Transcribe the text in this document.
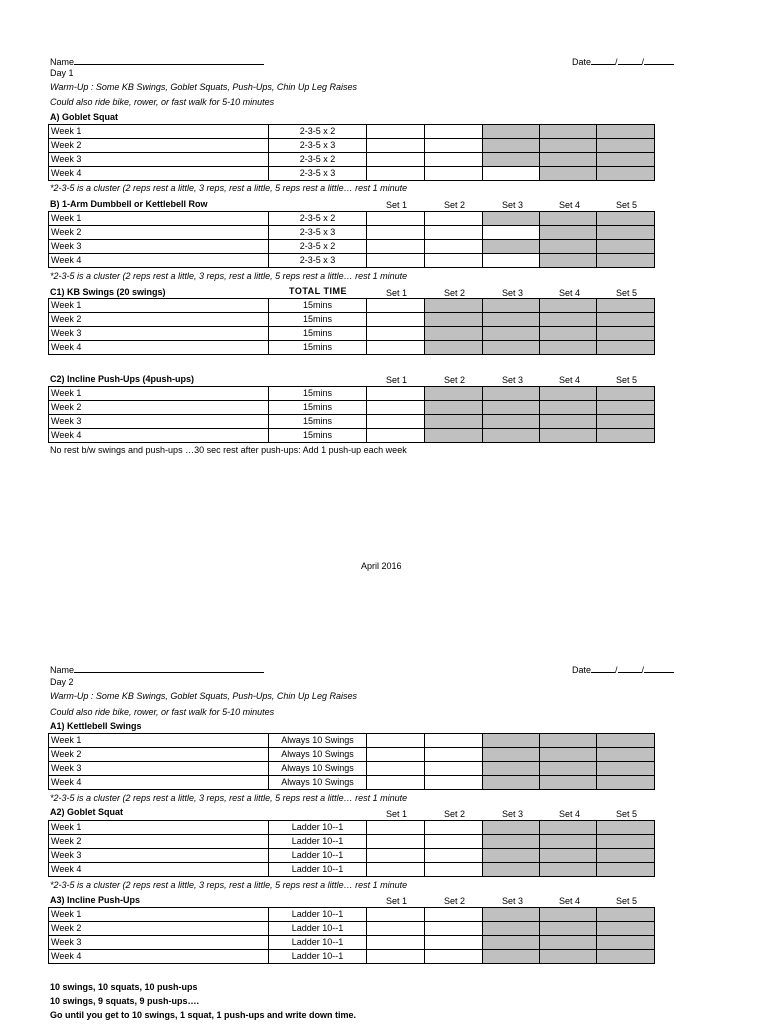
Name	Date	/	/
Day 1
Warm-Up : Some KB Swings, Goblet Squats, Push-Ups, Chin Up Leg Raises
Could also ride bike, rower, or fast walk for 5-10 minutes
A) Goblet Squat
Week 1	2-3-5 x 2					
Week 2	2-3-5 x 3					
Week 3	2-3-5 x 2					
Week 4	2-3-5 x 3					
*2-3-5 is a cluster (2 reps rest a little, 3 reps, rest a little, 5 reps rest a little… rest 1 minute
B) 1-Arm Dumbbell or Kettlebell Row	Set 1	Set 2	Set 3	Set 4	Set 5
Week 1	2-3-5 x 2					
Week 2	2-3-5 x 3					
Week 3	2-3-5 x 2					
Week 4	2-3-5 x 3					
*2-3-5 is a cluster (2 reps rest a little, 3 reps, rest a little, 5 reps rest a little… rest 1 minute
C1) KB Swings (20 swings)	TOTAL TIME	Set 1	Set 2	Set 3	Set 4	Set 5
Week 1	15mins					
Week 2	15mins					
Week 3	15mins					
Week 4	15mins					
C2) Incline Push-Ups (4push-ups)	Set 1	Set 2	Set 3	Set 4	Set 5
Week 1	15mins					
Week 2	15mins					
Week 3	15mins					
Week 4	15mins					
No rest b/w swings and push-ups …30 sec rest after push-ups: Add 1 push-up each week
April 2016
Name	Date	/	/
Day 2
Warm-Up : Some KB Swings, Goblet Squats, Push-Ups, Chin Up Leg Raises
Could also ride bike, rower, or fast walk for 5-10 minutes
A1) Kettlebell Swings
Week 1	Always 10 Swings					
Week 2	Always 10 Swings					
Week 3	Always 10 Swings					
Week 4	Always 10 Swings					
*2-3-5 is a cluster (2 reps rest a little, 3 reps, rest a little, 5 reps rest a little… rest 1 minute
A2) Goblet Squat	Set 1	Set 2	Set 3	Set 4	Set 5
Week 1	Ladder 10--1					
Week 2	Ladder 10--1					
Week 3	Ladder 10--1					
Week 4	Ladder 10--1					
*2-3-5 is a cluster (2 reps rest a little, 3 reps, rest a little, 5 reps rest a little… rest 1 minute
A3) Incline Push-Ups	Set 1	Set 2	Set 3	Set 4	Set 5
Week 1	Ladder 10--1					
Week 2	Ladder 10--1					
Week 3	Ladder 10--1					
Week 4	Ladder 10--1					
10 swings, 10 squats, 10 push-ups
10 swings, 9 squats, 9 push-ups….
Go until you get to 10 swings, 1 squat, 1 push-ups and write down time.
